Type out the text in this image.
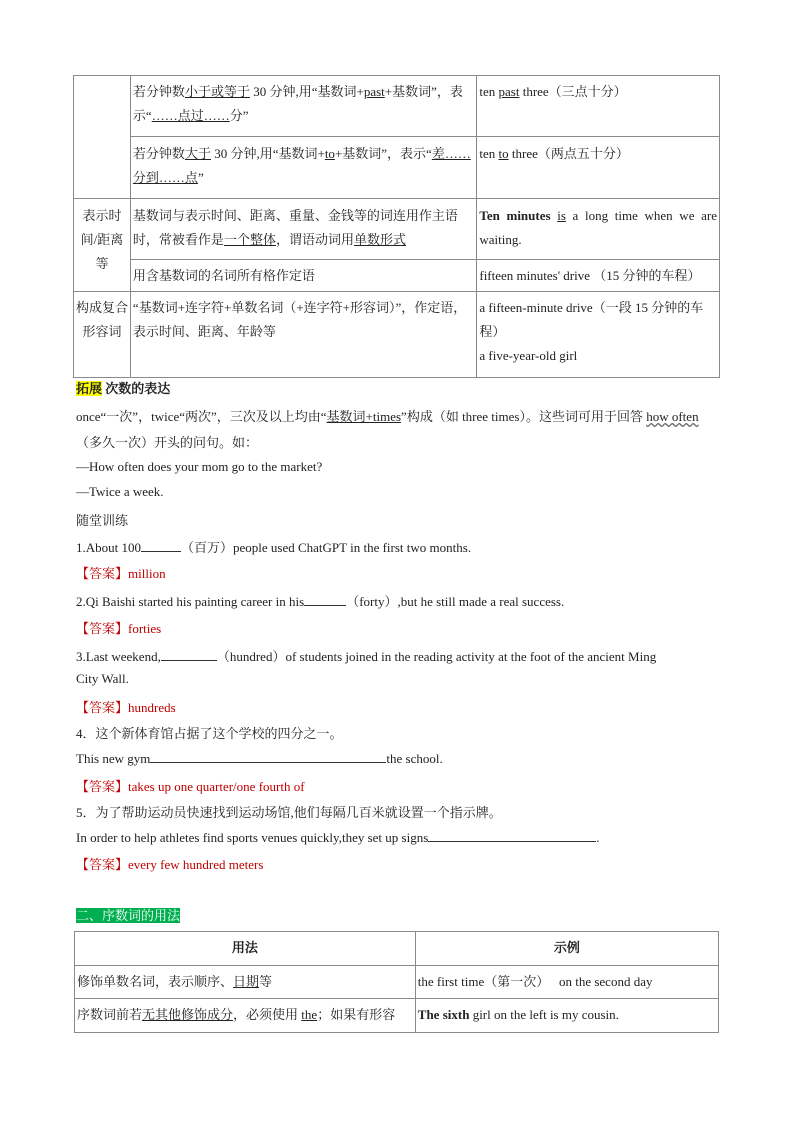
	若分钟数小于或等于 30 分钟,用“基数词+past+基数词”，表示“……点过……分”	ten past three（三点十分）

	若分钟数大于 30 分钟,用“基数词+to+基数词”，表示“差……分到……点”	ten to three（两点五十分）

表示时间/距离等	基数词与表示时间、距离、重量、金钱等的词连用作主语时，常被看作是一个整体，谓语动词用单数形式	Ten minutes is a long time when we are waiting.

	用含基数词的名词所有格作定语	fifteen minutes' drive （15 分钟的车程）

构成复合形容词	“基数词+连字符+单数名词（+连字符+形容词）”，作定语，表示时间、距离、年龄等	a fifteen-minute drive（一段 15 分钟的车程）
a five-year-old girl
拓展 次数的表达
once“一次”，twice“两次”，三次及以上均由“基数词+times”构成（如 three times）。这些词可用于回答 how often（多久一次）开头的问句。如：
—How often does your mom go to the market?
—Twice a week.
随堂训练
1.About 100	（百万）people used ChatGPT in the first two months.
【答案】million
2.Qi Baishi started his painting career in his	（forty）,but he still made a real success.
【答案】forties
3.Last weekend,	（hundred）of students joined in the reading activity at the foot of the ancient Ming
City Wall.
【答案】hundreds
4．这个新体育馆占据了这个学校的四分之一。
This new gym	the school.
【答案】takes up one quarter/one fourth of
5．为了帮助运动员快速找到运动场馆,他们每隔几百米就设置一个指示牌。
In order to help athletes find sports venues quickly,they set up signs	.
【答案】every few hundred meters
二、序数词的用法
用法	示例

修饰单数名词，表示顺序、日期等	the first time（第一次）   on the second day

序数词前若无其他修饰成分，必须使用 the；如果有形容	The sixth girl on the left is my cousin.
